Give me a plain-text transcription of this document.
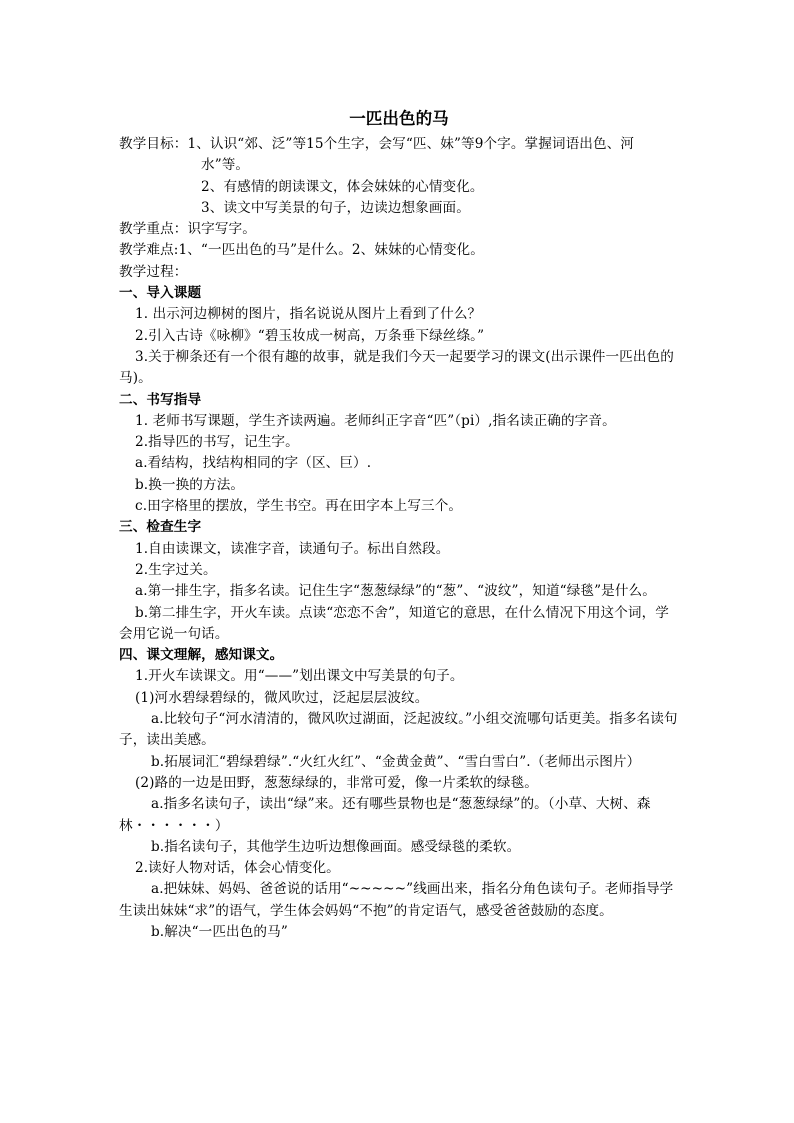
一匹出色的马

教学目标：1、认识“郊、泛”等15个生字，会写“匹、妹”等9个字。掌握词语出色、河水”等。

2、有感情的朗读课文，体会妹妹的心情变化。

3、读文中写美景的句子，边读边想象画面。

教学重点：识字写字。

教学难点:1、“一匹出色的马”是什么。2、妹妹的心情变化。

教学过程：

一、导入课题

1. 出示河边柳树的图片，指名说说从图片上看到了什么？

2.引入古诗《咏柳》“碧玉妆成一树高，万条垂下绿丝绦。”

3.关于柳条还有一个很有趣的故事，就是我们今天一起要学习的课文(出示课件一匹出色的马)。

二、书写指导

1. 老师书写课题，学生齐读两遍。老师纠正字音“匹”（pi）,指名读正确的字音。

2.指导匹的书写，记生字。

a.看结构，找结构相同的字（区、巨）.

b.换一换的方法。

c.田字格里的摆放，学生书空。再在田字本上写三个。

三、检查生字

1.自由读课文，读准字音，读通句子。标出自然段。

2.生字过关。

a.第一排生字，指多名读。记住生字“葱葱绿绿”的“葱”、“波纹”，知道“绿毯”是什么。

b.第二排生字，开火车读。点读“恋恋不舍”，知道它的意思，在什么情况下用这个词，学会用它说一句话。

四、课文理解，感知课文。

1.开火车读课文。用“——”划出课文中写美景的句子。

(1)河水碧绿碧绿的，微风吹过，泛起层层波纹。

a.比较句子“河水清清的，微风吹过湖面，泛起波纹。”小组交流哪句话更美。指多名读句子，读出美感。

b.拓展词汇“碧绿碧绿”.“火红火红”、“金黄金黄”、“雪白雪白”.（老师出示图片）

(2)路的一边是田野，葱葱绿绿的，非常可爱，像一片柔软的绿毯。

a.指多名读句子，读出“绿”来。还有哪些景物也是“葱葱绿绿”的。（小草、大树、森林・・・・・・）

b.指名读句子，其他学生边听边想像画面。感受绿毯的柔软。

2.读好人物对话，体会心情变化。

a.把妹妹、妈妈、爸爸说的话用“~~~~~”线画出来，指名分角色读句子。老师指导学生读出妹妹“求”的语气，学生体会妈妈“不抱”的肯定语气，感受爸爸鼓励的态度。

b.解决“一匹出色的马”
